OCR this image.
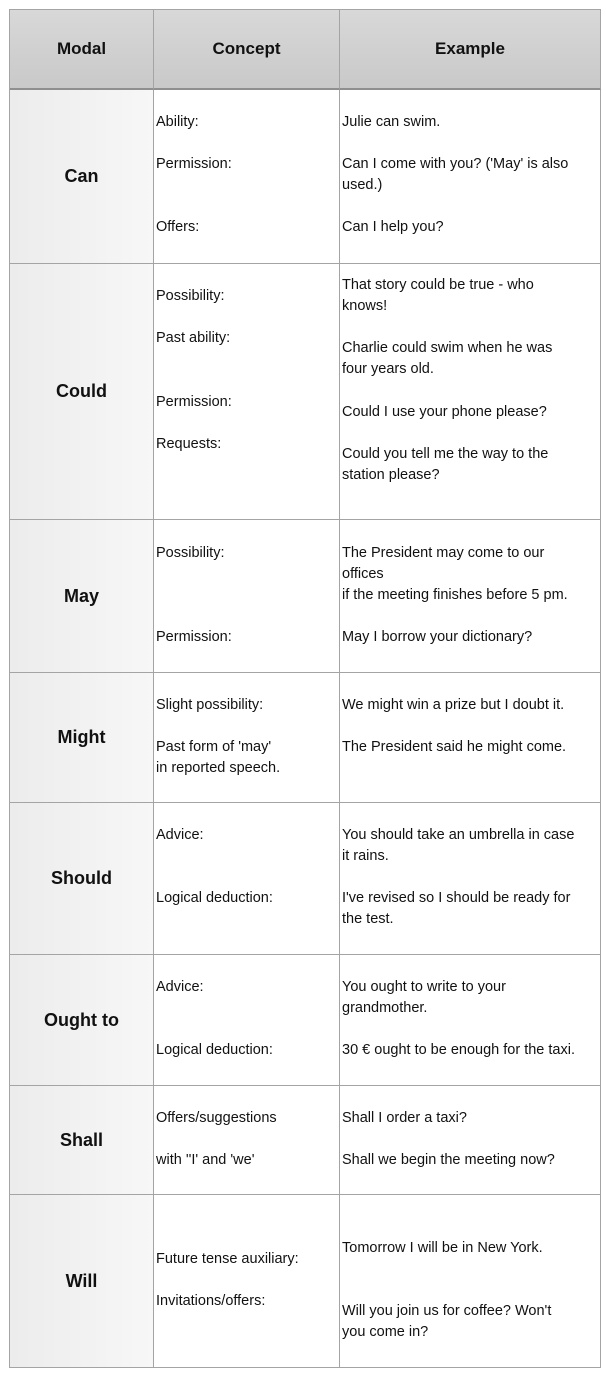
Modal	Concept	Example
Can
Ability:
Permission:
Offers:
Julie can swim.
Can I come with you? ('May' is also
used.)
Can I help you?
Could
Possibility:
Past ability:
Permission:
Requests:
That story could be true - who
knows!
Charlie could swim when he was
four years old.
Could I use your phone please?
Could you tell me the way to the
station please?
May
Possibility:
Permission:
The President may come to our
offices
if the meeting finishes before 5 pm.
May I borrow your dictionary?
Might
Slight possibility:
Past form of 'may'
in reported speech.
We might win a prize but I doubt it.
The President said he might come.
Should
Advice:
Logical deduction:
You should take an umbrella in case
it rains.
I've revised so I should be ready for
the test.
Ought to
Advice:
Logical deduction:
You ought to write to your
grandmother.
30 € ought to be enough for the taxi.
Shall
Offers/suggestions
with ''I' and 'we'
Shall I order a taxi?
Shall we begin the meeting now?
Will
Future tense auxiliary:
Invitations/offers:
Tomorrow I will be in New York.
Will you join us for coffee? Won't
you come in?
